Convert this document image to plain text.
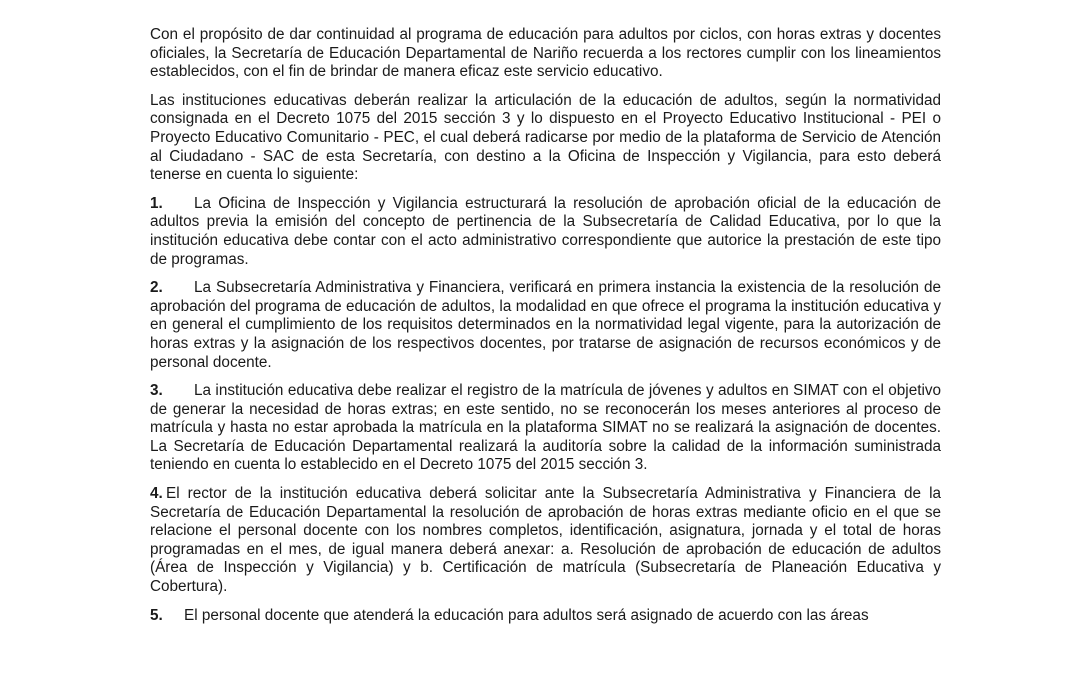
Con el propósito de dar continuidad al programa de educación para adultos por ciclos, con horas extras y docentes oficiales, la Secretaría de Educación Departamental de Nariño recuerda a los rectores cumplir con los lineamientos establecidos, con el fin de brindar de manera eficaz este servicio educativo.

Las instituciones educativas deberán realizar la articulación de la educación de adultos, según la normatividad consignada en el Decreto 1075 del 2015 sección 3 y lo dispuesto en el Proyecto Educativo Institucional - PEI o Proyecto Educativo Comunitario - PEC, el cual deberá radicarse por medio de la plataforma de Servicio de Atención al Ciudadano - SAC de esta Secretaría, con destino a la Oficina de Inspección y Vigilancia, para esto deberá tenerse en cuenta lo siguiente:

1. La Oficina de Inspección y Vigilancia estructurará la resolución de aprobación oficial de la educación de adultos previa la emisión del concepto de pertinencia de la Subsecretaría de Calidad Educativa, por lo que la institución educativa debe contar con el acto administrativo correspondiente que autorice la prestación de este tipo de programas.

2. La Subsecretaría Administrativa y Financiera, verificará en primera instancia la existencia de la resolución de aprobación del programa de educación de adultos, la modalidad en que ofrece el programa la institución educativa y en general el cumplimiento de los requisitos determinados en la normatividad legal vigente, para la autorización de horas extras y la asignación de los respectivos docentes, por tratarse de asignación de recursos económicos y de personal docente.

3. La institución educativa debe realizar el registro de la matrícula de jóvenes y adultos en SIMAT con el objetivo de generar la necesidad de horas extras; en este sentido, no se reconocerán los meses anteriores al proceso de matrícula y hasta no estar aprobada la matrícula en la plataforma SIMAT no se realizará la asignación de docentes. La Secretaría de Educación Departamental realizará la auditoría sobre la calidad de la información suministrada teniendo en cuenta lo establecido en el Decreto 1075 del 2015 sección 3.

4. El rector de la institución educativa deberá solicitar ante la Subsecretaría Administrativa y Financiera de la Secretaría de Educación Departamental la resolución de aprobación de horas extras mediante oficio en el que se relacione el personal docente con los nombres completos, identificación, asignatura, jornada y el total de horas programadas en el mes, de igual manera deberá anexar: a. Resolución de aprobación de educación de adultos (Área de Inspección y Vigilancia) y b. Certificación de matrícula (Subsecretaría de Planeación Educativa y Cobertura).

5. El personal docente que atenderá la educación para adultos será asignado de acuerdo con las áreas
